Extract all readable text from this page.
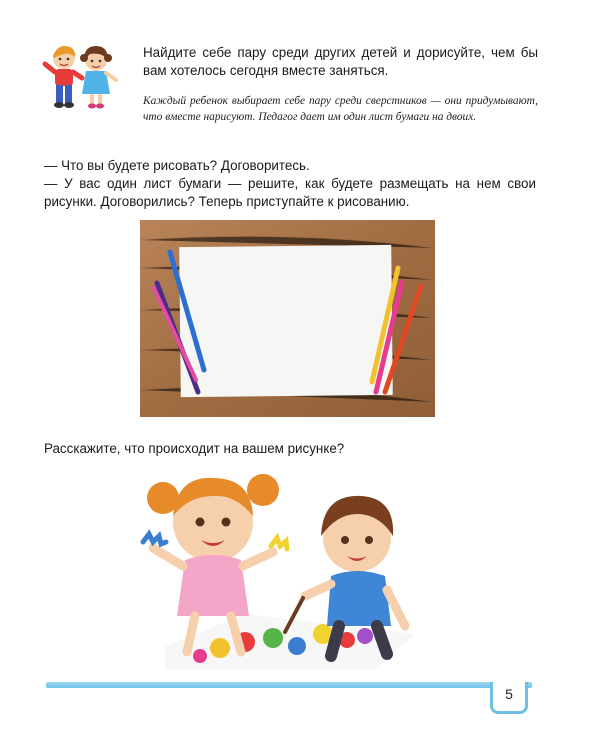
Найдите себе пару среди других детей и дорисуйте, чем бы вам хотелось сегодня вместе заняться.
Каждый ребенок выбирает себе пару среди сверстников — они придумывают, что вместе нарисуют. Педагог дает им один лист бумаги на двоих.

— Что вы будете рисовать? Договоритесь.

— У вас один лист бумаги — решите, как будете размещать на нем свои рисунки. Договорились? Теперь приступайте к рисованию.

Расскажите, что происходит на вашем рисунке?
5
